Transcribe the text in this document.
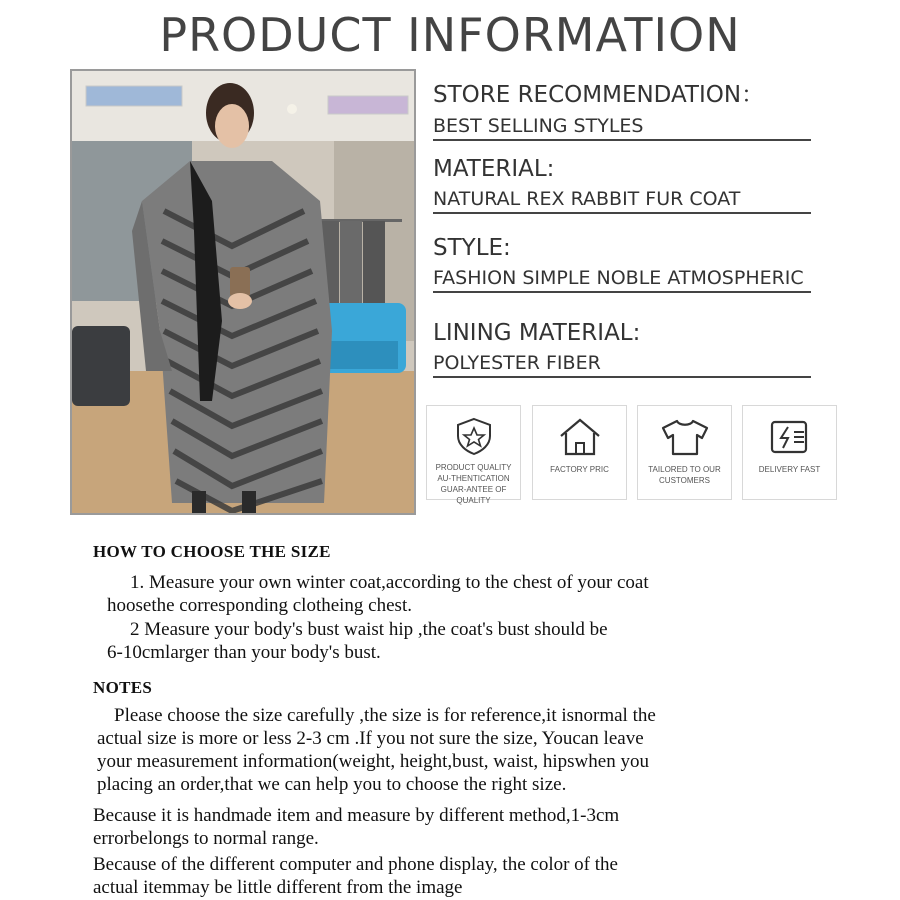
PRODUCT INFORMATION
STORE RECOMMENDATION：
BEST SELLING STYLES
MATERIAL:
NATURAL REX RABBIT FUR COAT
STYLE:
FASHION SIMPLE NOBLE ATMOSPHERIC
LINING MATERIAL:
POLYESTER FIBER
PRODUCT QUALITY AU-THENTICATION GUAR-ANTEE OF QUALITY
FACTORY PRIC	TAILORED TO OUR CUSTOMERS
DELIVERY FAST
HOW TO CHOOSE THE SIZE
1. Measure your own winter coat,according to the chest of your coat
hoosethe corresponding clotheing chest.
2 Measure your body's bust waist hip ,the coat's bust should be
6-10cmlarger than your body's bust.
NOTES
Please choose the size carefully ,the size is for reference,it isnormal the
actual size is more or less 2-3 cm .If you not sure the size, Youcan leave
your measurement information(weight, height,bust, waist, hipswhen you
placing an order,that we can help you to choose the right size.
Because it is handmade item and measure by different method,1-3cm
errorbelongs to normal range.
Because of the different computer and phone display, the color of the
actual itemmay be little different from the image
